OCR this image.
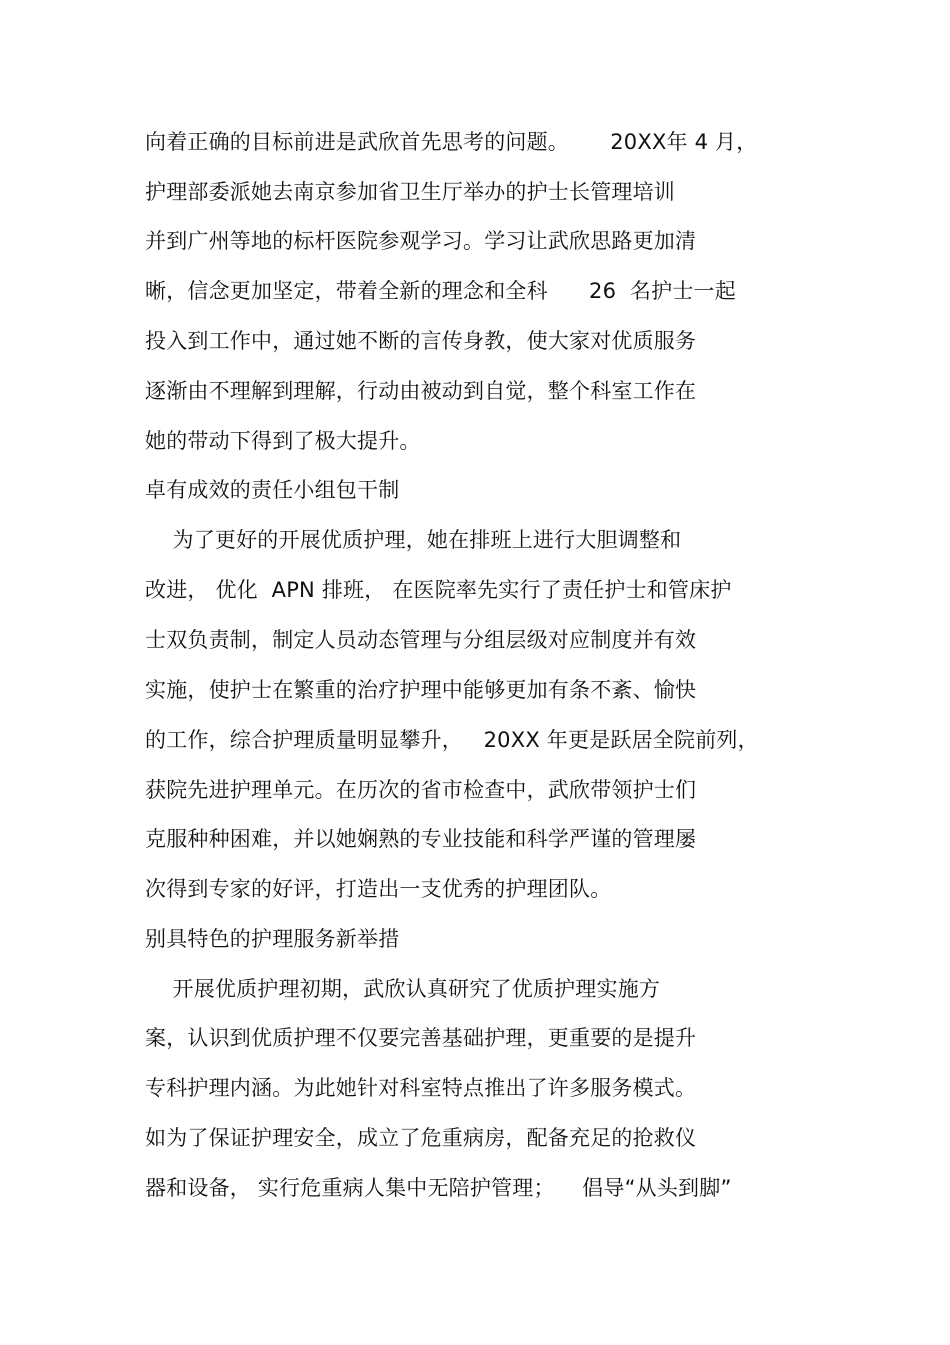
向着正确的目标前进是武欣首先思考的问题。      20XX年 4 月，
护理部委派她去南京参加省卫生厅举办的护士长管理培训
并到广州等地的标杆医院参观学习。学习让武欣思路更加清
晰，信念更加坚定，带着全新的理念和全科      26  名护士一起
投入到工作中，通过她不断的言传身教，使大家对优质服务
逐渐由不理解到理解，行动由被动到自觉，整个科室工作在
她的带动下得到了极大提升。
卓有成效的责任小组包干制
为了更好的开展优质护理，她在排班上进行大胆调整和
改进， 优化  APN 排班， 在医院率先实行了责任护士和管床护
士双负责制，制定人员动态管理与分组层级对应制度并有效
实施，使护士在繁重的治疗护理中能够更加有条不紊、愉快
的工作，综合护理质量明显攀升，   20XX 年更是跃居全院前列，
获院先进护理单元。在历次的省市检查中，武欣带领护士们
克服种种困难，并以她娴熟的专业技能和科学严谨的管理屡
次得到专家的好评，打造出一支优秀的护理团队。
别具特色的护理服务新举措
开展优质护理初期，武欣认真研究了优质护理实施方
案，认识到优质护理不仅要完善基础护理，更重要的是提升
专科护理内涵。为此她针对科室特点推出了许多服务模式。
如为了保证护理安全，成立了危重病房，配备充足的抢救仪
器和设备， 实行危重病人集中无陪护管理；    倡导“从头到脚”
